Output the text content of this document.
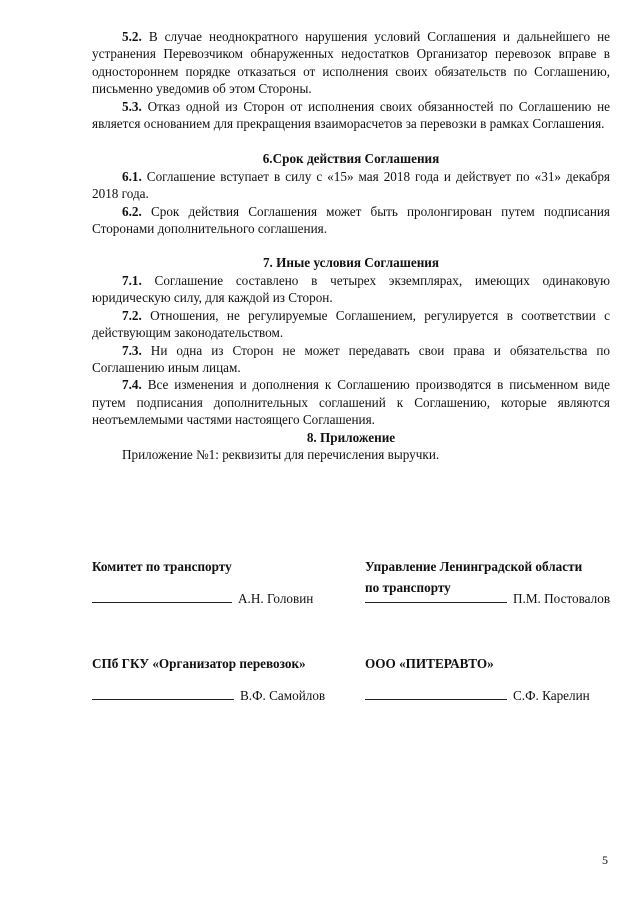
5.2. В случае неоднократного нарушения условий Соглашения и дальнейшего не устранения Перевозчиком обнаруженных недостатков Организатор перевозок вправе в одностороннем порядке отказаться от исполнения своих обязательств по Соглашению, письменно уведомив об этом Стороны.

5.3. Отказ одной из Сторон от исполнения своих обязанностей по Соглашению не является основанием для прекращения взаиморасчетов за перевозки в рамках Соглашения.

6.Срок действия Соглашения

6.1. Соглашение вступает в силу с «15» мая 2018 года и действует по «31» декабря 2018 года.

6.2. Срок действия Соглашения может быть пролонгирован путем подписания Сторонами дополнительного соглашения.

7. Иные условия Соглашения

7.1. Соглашение составлено в четырех экземплярах, имеющих одинаковую юридическую силу, для каждой из Сторон.

7.2. Отношения, не регулируемые Соглашением, регулируется в соответствии с действующим законодательством.

7.3. Ни одна из Сторон не может передавать свои права и обязательства по Соглашению иным лицам.

7.4. Все изменения и дополнения к Соглашению производятся в письменном виде путем подписания дополнительных соглашений к Соглашению, которые являются неотъемлемыми частями настоящего Соглашения.

8. Приложение

Приложение №1: реквизиты для перечисления выручки.

Комитет по транспорту
А.Н. Головин
Управление Ленинградской области
по транспорту
П.М. Постовалов
СПб ГКУ «Организатор перевозок»
В.Ф. Самойлов
ООО «ПИТЕРАВТО»
С.Ф. Карелин
5
